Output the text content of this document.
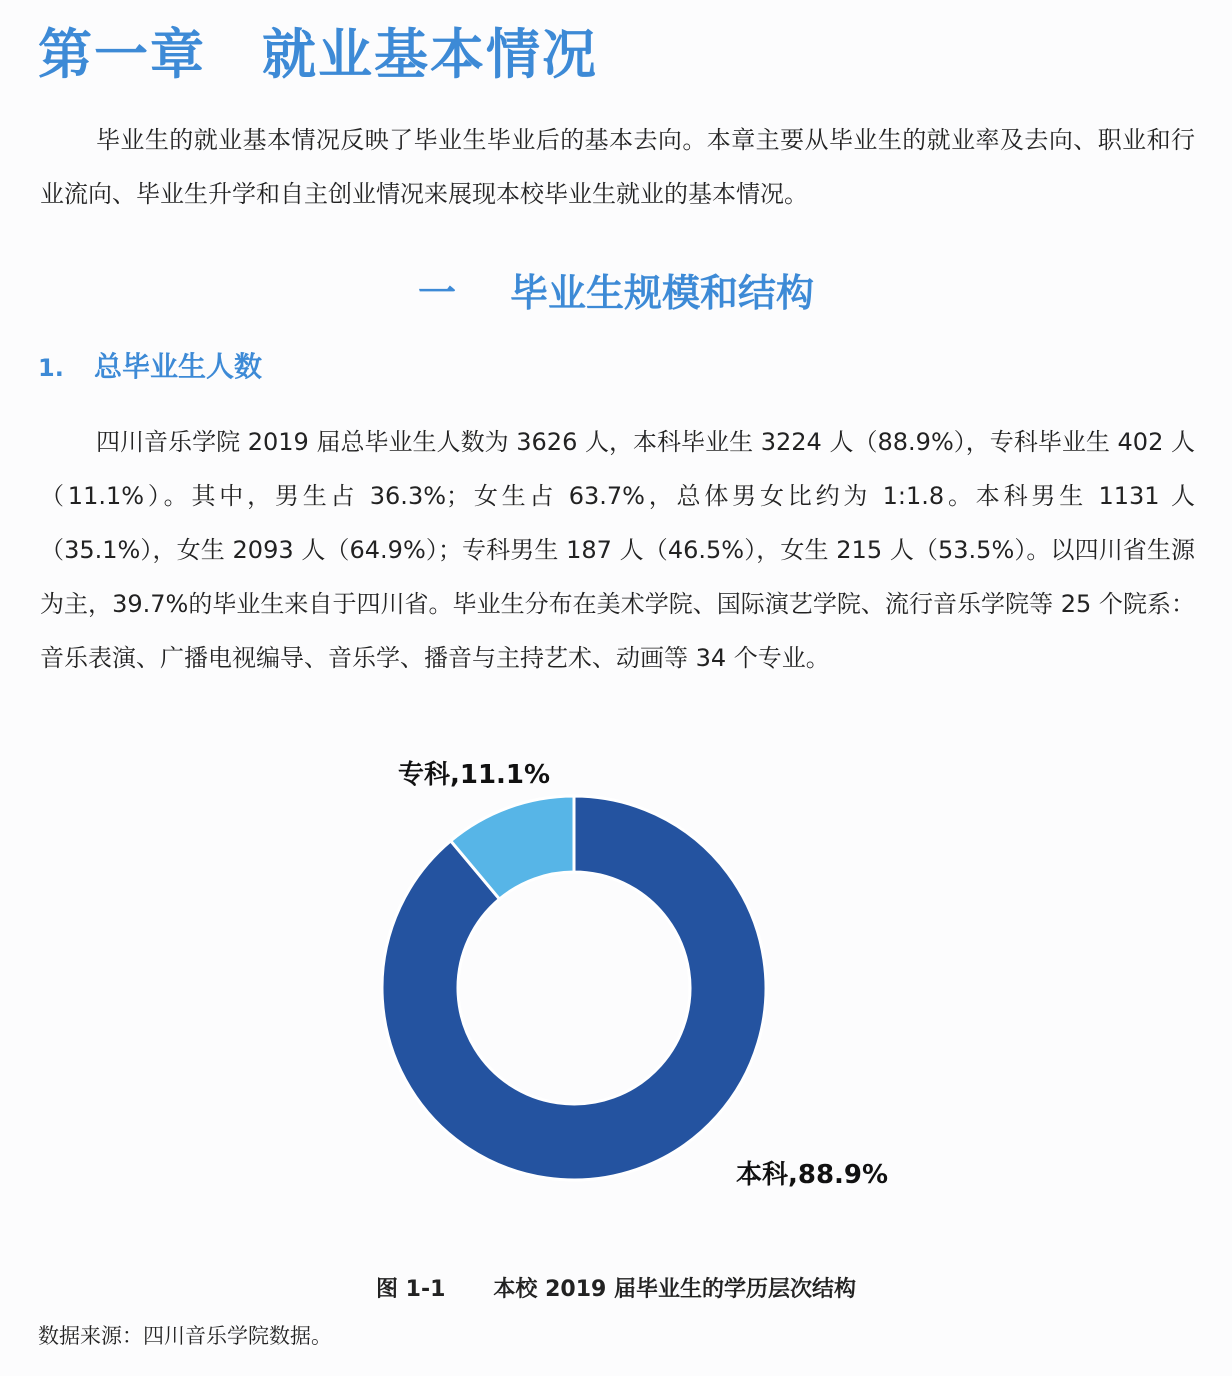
第一章　就业基本情况

毕业生的就业基本情况反映了毕业生毕业后的基本去向。本章主要从毕业生的就业率及去向、职业和行业流向、毕业生升学和自主创业情况来展现本校毕业生就业的基本情况。

一 毕业生规模和结构
1. 总毕业生人数

四川音乐学院 2019 届总毕业生人数为 3626 人，本科毕业生 3224 人（88.9%），专科毕业生 402 人（11.1%）。其中，男生占 36.3%；女生占 63.7%，总体男女比约为 1:1.8。本科男生 1131 人（35.1%），女生 2093 人（64.9%）；专科男生 187 人（46.5%），女生 215 人（53.5%）。以四川省生源为主，39.7%的毕业生来自于四川省。毕业生分布在美术学院、国际演艺学院、流行音乐学院等 25 个院系：音乐表演、广播电视编导、音乐学、播音与主持艺术、动画等 34 个专业。

专科,11.1%
本科,88.9%

图 1-1 本校 2019 届毕业生的学历层次结构

数据来源：四川音乐学院数据。
